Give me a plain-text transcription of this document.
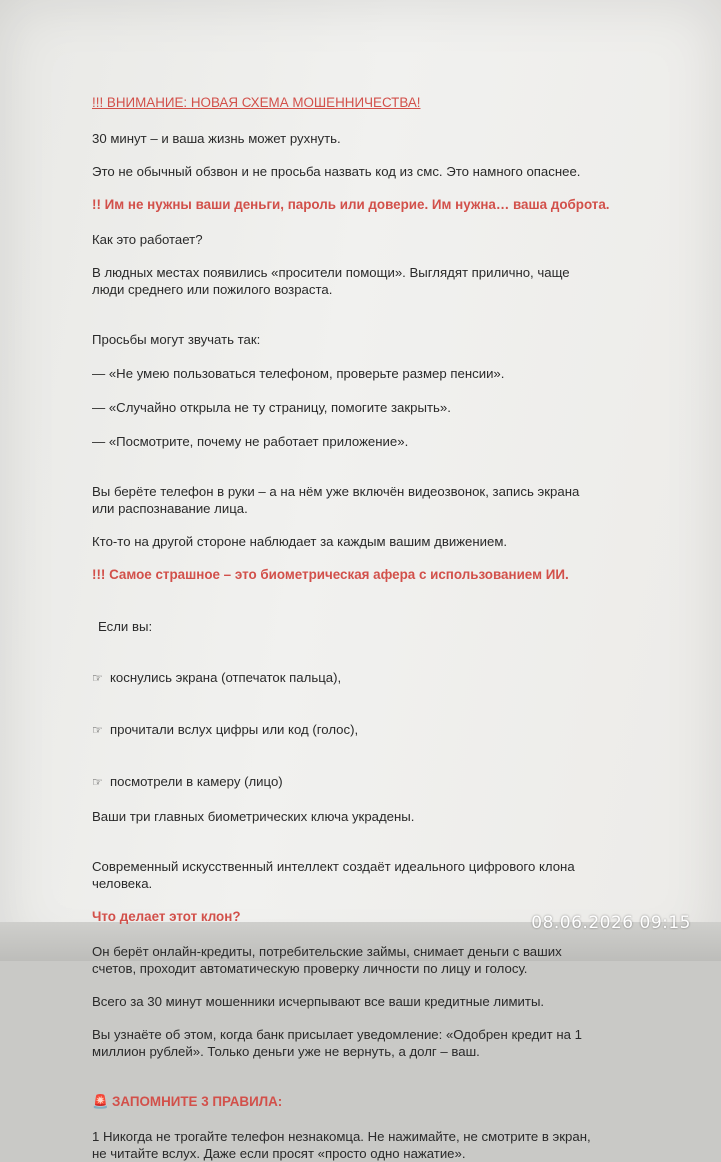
!!! ВНИМАНИЕ: НОВАЯ СХЕМА МОШЕННИЧЕСТВА!

30 минут – и ваша жизнь может рухнуть.

Это не обычный обзвон и не просьба назвать код из смс. Это намного опаснее.

!! Им не нужны ваши деньги, пароль или доверие. Им нужна… ваша доброта.

Как это работает?

В людных местах появились «просители помощи». Выглядят прилично, чаще
люди среднего или пожилого возраста.

Просьбы могут звучать так:

— «Не умею пользоваться телефоном, проверьте размер пенсии».

— «Случайно открыла не ту страницу, помогите закрыть».

— «Посмотрите, почему не работает приложение».

Вы берёте телефон в руки – а на нём уже включён видеозвонок, запись экрана
или распознавание лица.

Кто-то на другой стороне наблюдает за каждым вашим движением.

!!! Самое страшное – это биометрическая афера с использованием ИИ.

Если вы:

☞ коснулись экрана (отпечаток пальца),

☞ прочитали вслух цифры или код (голос),

☞ посмотрели в камеру (лицо)

Ваши три главных биометрических ключа украдены.

Современный искусственный интеллект создаёт идеального цифрового клона
человека.

Что делает этот клон?

Он берёт онлайн-кредиты, потребительские займы, снимает деньги с ваших
счетов, проходит автоматическую проверку личности по лицу и голосу.

Всего за 30 минут мошенники исчерпывают все ваши кредитные лимиты.

Вы узнаёте об этом, когда банк присылает уведомление: «Одобрен кредит на 1
миллион рублей». Только деньги уже не вернуть, а долг – ваш.

🚨 ЗАПОМНИТЕ 3 ПРАВИЛА:

1 Никогда не трогайте телефон незнакомца. Не нажимайте, не смотрите в экран,
не читайте вслух. Даже если просят «просто одно нажатие».

08.06.2026 09:15
